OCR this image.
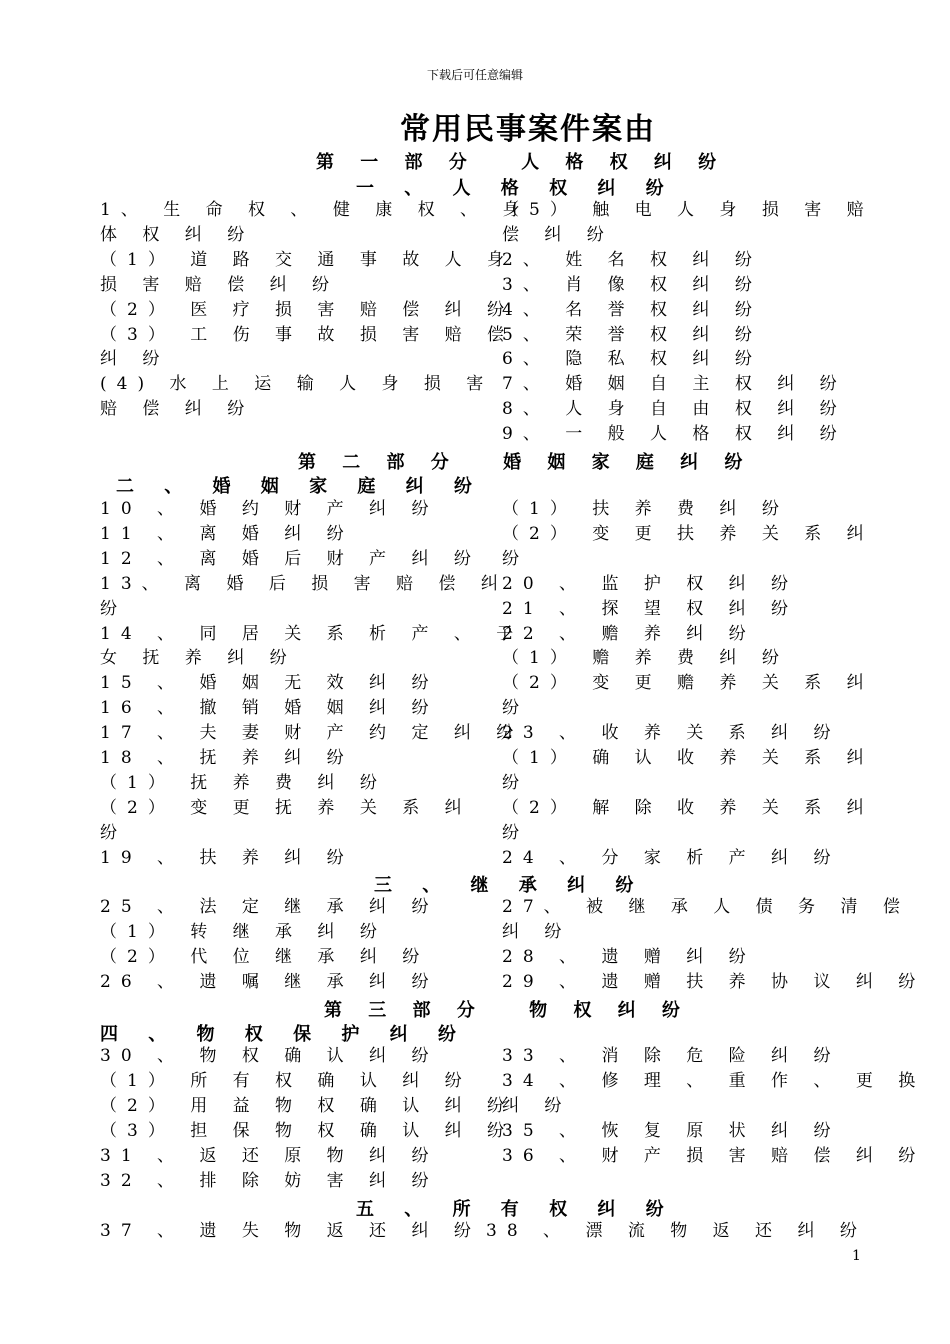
下载后可任意编辑
常用民事案件案由
第 一 部 分　 人 格 权 纠 纷
一 、 人 格 权 纠 纷
1、 生 命 权 、 健 康 权 、 身
体 权 纠 纷
（1） 道 路 交 通 事 故 人 身
损 害 赔 偿 纠 纷
（2） 医 疗 损 害 赔 偿 纠 纷
（3） 工 伤 事 故 损 害 赔 偿
纠 纷
(4) 水 上 运 输 人 身 损 害
赔 偿 纠 纷
（5） 触 电 人 身 损 害 赔
偿 纠 纷
2、 姓 名 权 纠 纷
3、 肖 像 权 纠 纷
4、 名 誉 权 纠 纷
5、 荣 誉 权 纠 纷
6、 隐 私 权 纠 纷
7、 婚 姻 自 主 权 纠 纷
8、 人 身 自 由 权 纠 纷
9、 一 般 人 格 权 纠 纷
第 二 部 分　 婚 姻 家 庭 纠 纷
二 、 婚 姻 家 庭 纠 纷
10 、 婚 约 财 产 纠 纷
11 、 离 婚 纠 纷
12 、 离 婚 后 财 产 纠 纷
13、 离 婚 后 损 害 赔 偿 纠
纷
14 、 同 居 关 系 析 产 、 子
女 抚 养 纠 纷
15 、 婚 姻 无 效 纠 纷
16 、 撤 销 婚 姻 纠 纷
17 、 夫 妻 财 产 约 定 纠 纷
18 、 抚 养 纠 纷
（1） 抚 养 费 纠 纷
（2） 变 更 抚 养 关 系 纠
纷
19 、 扶 养 纠 纷
（1） 扶 养 费 纠 纷
（2） 变 更 扶 养 关 系 纠
纷
20 、 监 护 权 纠 纷
21 、 探 望 权 纠 纷
22 、 赡 养 纠 纷
（1） 赡 养 费 纠 纷
（2） 变 更 赡 养 关 系 纠
纷
23 、 收 养 关 系 纠 纷
（1） 确 认 收 养 关 系 纠
纷
（2） 解 除 收 养 关 系 纠
纷
24 、 分 家 析 产 纠 纷
三 、 继 承 纠 纷
25 、 法 定 继 承 纠 纷
（1） 转 继 承 纠 纷
（2） 代 位 继 承 纠 纷
26 、 遗 嘱 继 承 纠 纷
27、 被 继 承 人 债 务 清 偿
纠 纷
28 、 遗 赠 纠 纷
29 、 遗 赠 扶 养 协 议 纠 纷
第 三 部 分　 物 权 纠 纷
四 、 物 权 保 护 纠 纷
30 、 物 权 确 认 纠 纷
（1） 所 有 权 确 认 纠 纷
（2） 用 益 物 权 确 认 纠 纷
（3） 担 保 物 权 确 认 纠 纷
31 、 返 还 原 物 纠 纷
32 、 排 除 妨 害 纠 纷
33 、 消 除 危 险 纠 纷
34 、 修 理 、 重 作 、 更 换
纠 纷
35 、 恢 复 原 状 纠 纷
36 、 财 产 损 害 赔 偿 纠 纷
五 、 所 有 权 纠 纷
37 、 遗 失 物 返 还 纠 纷 38 、 漂 流 物 返 还 纠 纷
1
